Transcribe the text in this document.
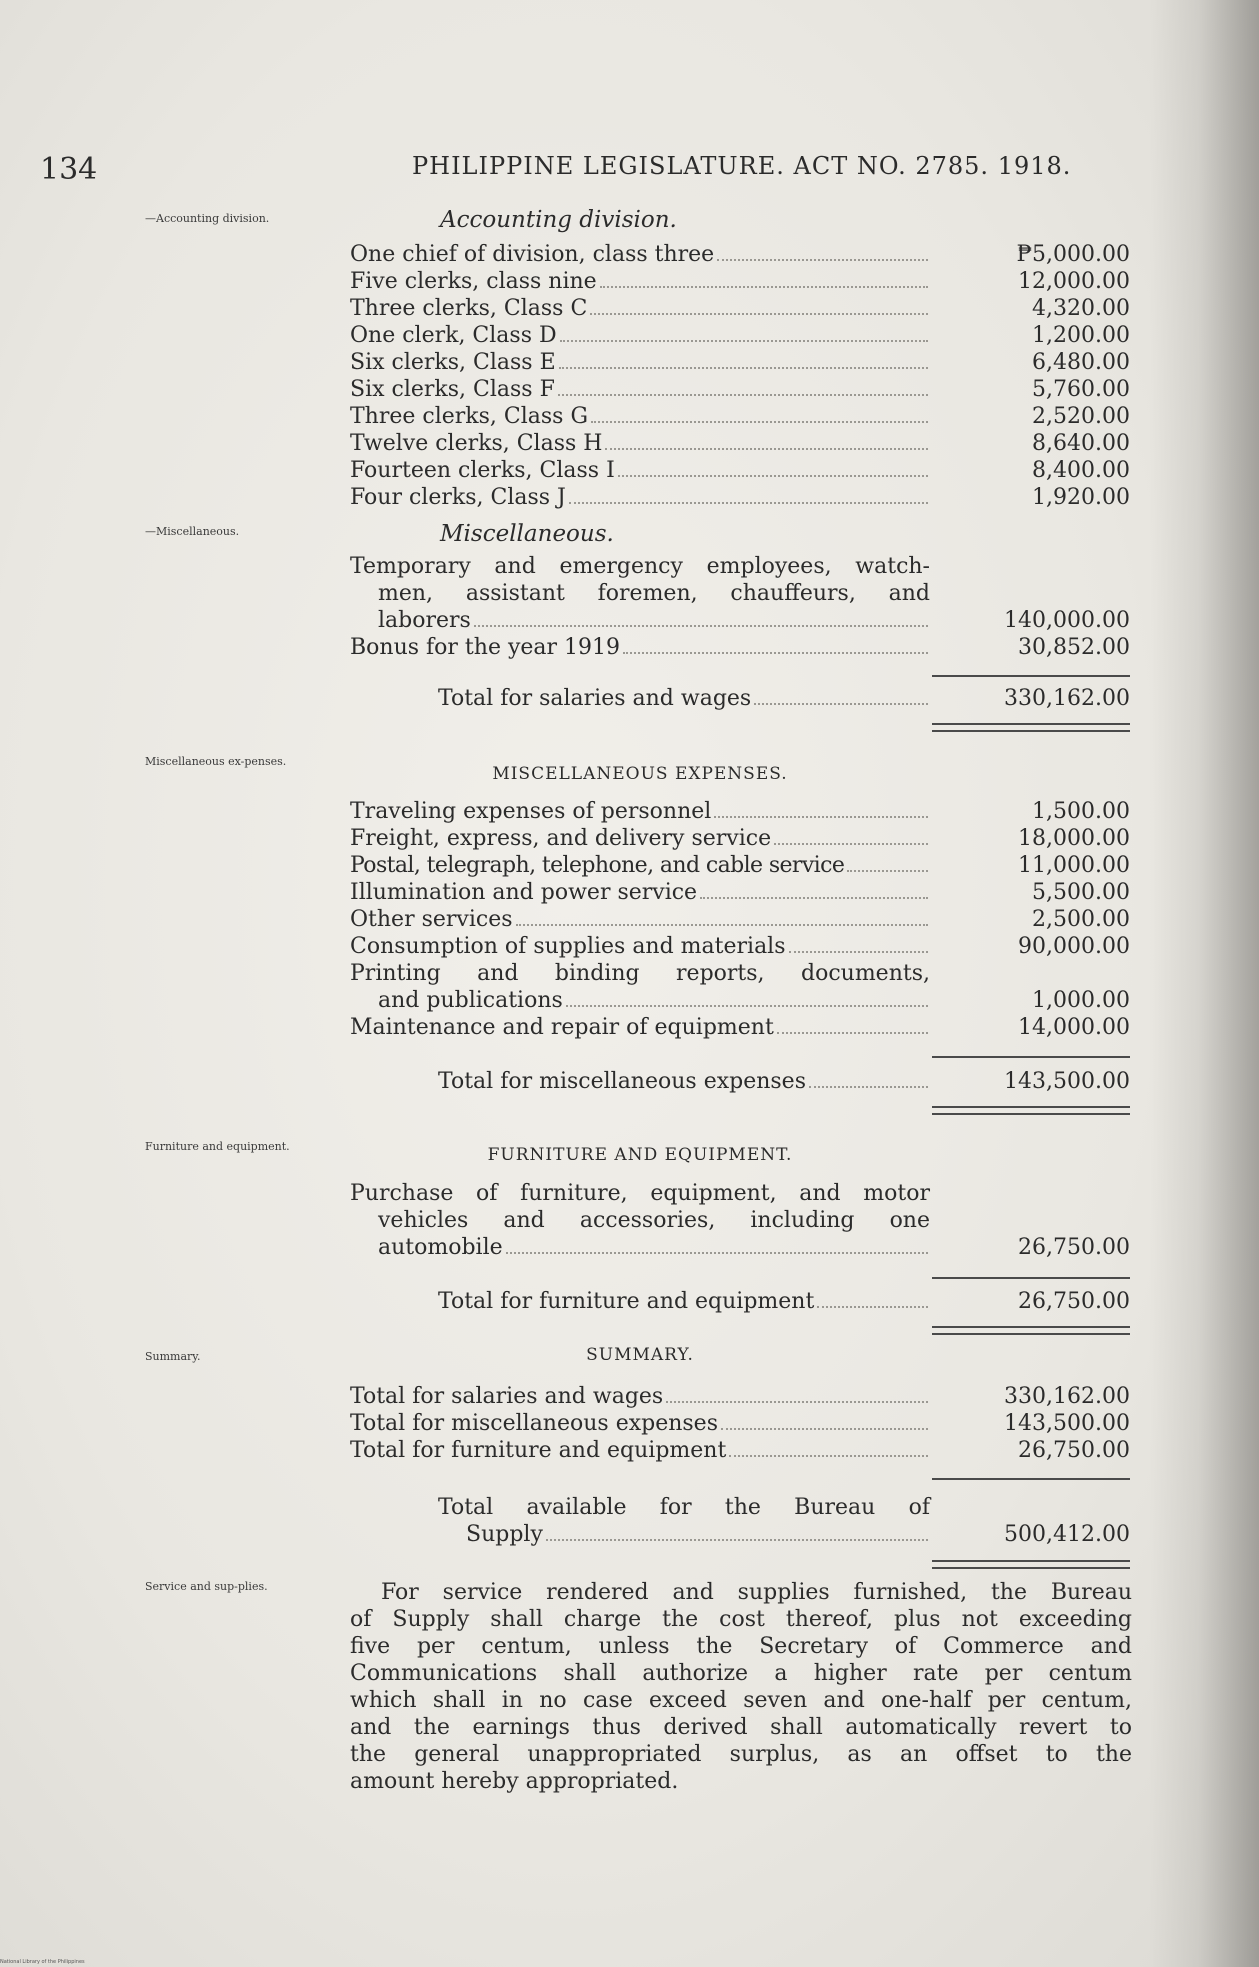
134	PHILIPPINE LEGISLATURE. ACT NO. 2785. 1918.
—Accounting division.	Accounting division.
One chief of division, class three	₱5,000.00
Five clerks, class nine	12,000.00
Three clerks, Class C	4,320.00
One clerk, Class D	1,200.00
Six clerks, Class E	6,480.00
Six clerks, Class F	5,760.00
Three clerks, Class G	2,520.00
Twelve clerks, Class H	8,640.00
Fourteen clerks, Class I	8,400.00
Four clerks, Class J	1,920.00
—Miscellaneous.	Miscellaneous.
Temporary and emergency employees, watch-
men, assistant foremen, chauffeurs, and
laborers	140,000.00
Bonus for the year 1919	30,852.00
Total for salaries and wages	330,162.00
Miscellaneous ex-penses.
MISCELLANEOUS EXPENSES.
Traveling expenses of personnel	1,500.00
Freight, express, and delivery service	18,000.00
Postal, telegraph, telephone, and cable service	11,000.00
Illumination and power service	5,500.00
Other services	2,500.00
Consumption of supplies and materials	90,000.00
Printing and binding reports, documents,
and publications	1,000.00
Maintenance and repair of equipment	14,000.00
Total for miscellaneous expenses	143,500.00
Furniture and equipment.	FURNITURE AND EQUIPMENT.
Purchase of furniture, equipment, and motor
vehicles and accessories, including one
automobile	26,750.00
Total for furniture and equipment	26,750.00
Summary.	SUMMARY.
Total for salaries and wages	330,162.00
Total for miscellaneous expenses	143,500.00
Total for furniture and equipment	26,750.00
Total available for the Bureau of
Supply	500,412.00
Service and sup-plies.	For service rendered and supplies furnished, the Bureau
of Supply shall charge the cost thereof, plus not exceeding
five per centum, unless the Secretary of Commerce and
Communications shall authorize a higher rate per centum
which shall in no case exceed seven and one-half per centum,
and the earnings thus derived shall automatically revert to
the general unappropriated surplus, as an offset to the
amount hereby appropriated.
National Library of the Philippines
